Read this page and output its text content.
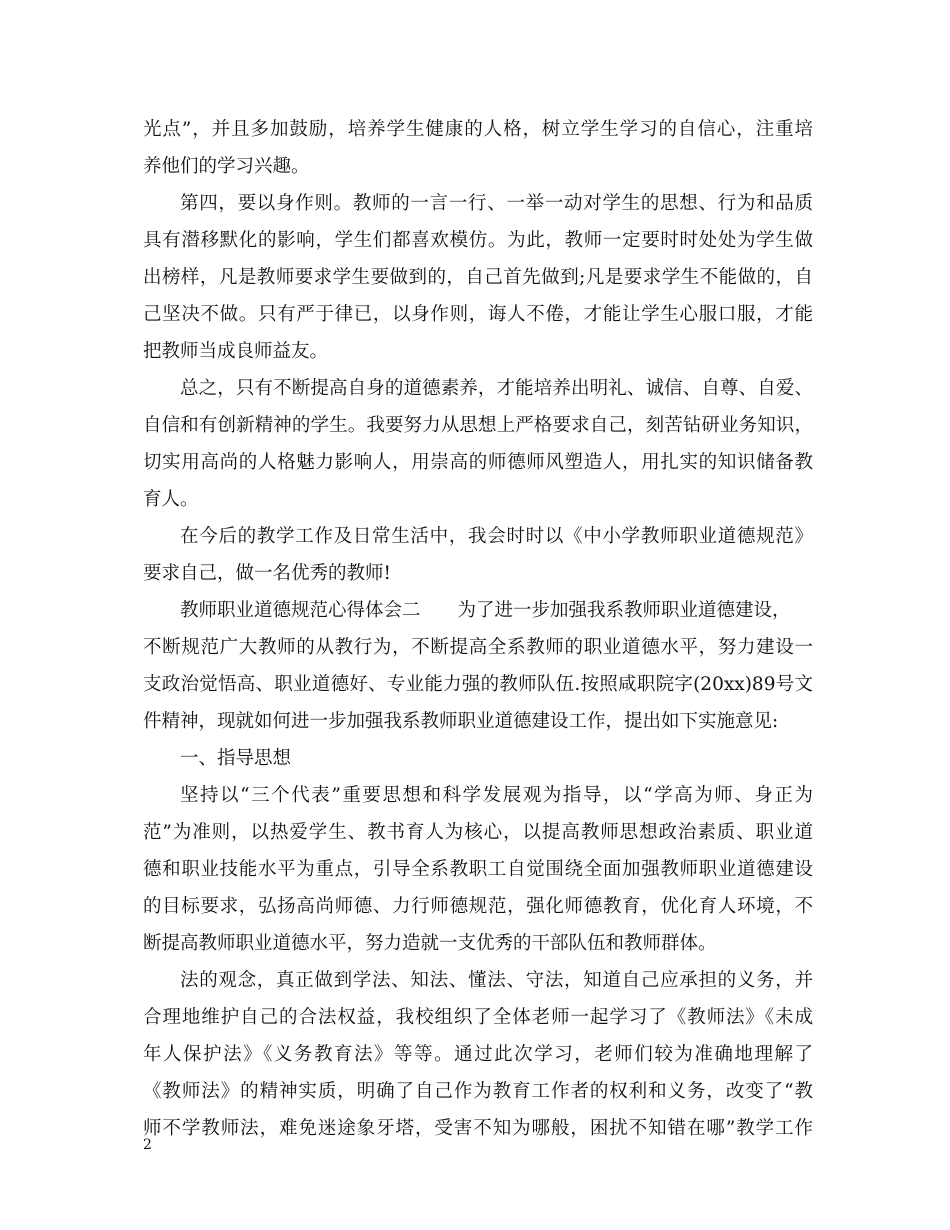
光点”，并且多加鼓励，培养学生健康的人格，树立学生学习的自信心，注重培
养他们的学习兴趣。
第四，要以身作则。教师的一言一行、一举一动对学生的思想、行为和品质
具有潜移默化的影响，学生们都喜欢模仿。为此，教师一定要时时处处为学生做
出榜样，凡是教师要求学生要做到的，自己首先做到;凡是要求学生不能做的，自
己坚决不做。只有严于律已，以身作则，诲人不倦，才能让学生心服口服，才能
把教师当成良师益友。
总之，只有不断提高自身的道德素养，才能培养出明礼、诚信、自尊、自爱、
自信和有创新精神的学生。我要努力从思想上严格要求自己，刻苦钻研业务知识，
切实用高尚的人格魅力影响人，用崇高的师德师风塑造人，用扎实的知识储备教
育人。
在今后的教学工作及日常生活中，我会时时以《中小学教师职业道德规范》
要求自己，做一名优秀的教师!
教师职业道德规范心得体会二　　为了进一步加强我系教师职业道德建设，
不断规范广大教师的从教行为，不断提高全系教师的职业道德水平，努力建设一
支政治觉悟高、职业道德好、专业能力强的教师队伍.按照咸职院字(20xx)89号文
件精神，现就如何进一步加强我系教师职业道德建设工作，提出如下实施意见:
一、指导思想
坚持以“三个代表”重要思想和科学发展观为指导，以“学高为师、身正为
范”为准则，以热爱学生、教书育人为核心，以提高教师思想政治素质、职业道
德和职业技能水平为重点，引导全系教职工自觉围绕全面加强教师职业道德建设
的目标要求，弘扬高尚师德、力行师德规范，强化师德教育，优化育人环境，不
断提高教师职业道德水平，努力造就一支优秀的干部队伍和教师群体。
法的观念，真正做到学法、知法、懂法、守法，知道自己应承担的义务，并
合理地维护自己的合法权益，我校组织了全体老师一起学习了《教师法》《未成
年人保护法》《义务教育法》等等。通过此次学习，老师们较为准确地理解了
《教师法》的精神实质，明确了自己作为教育工作者的权利和义务，改变了“教
师不学教师法，难免迷途象牙塔，受害不知为哪般，困扰不知错在哪”教学工作
2
